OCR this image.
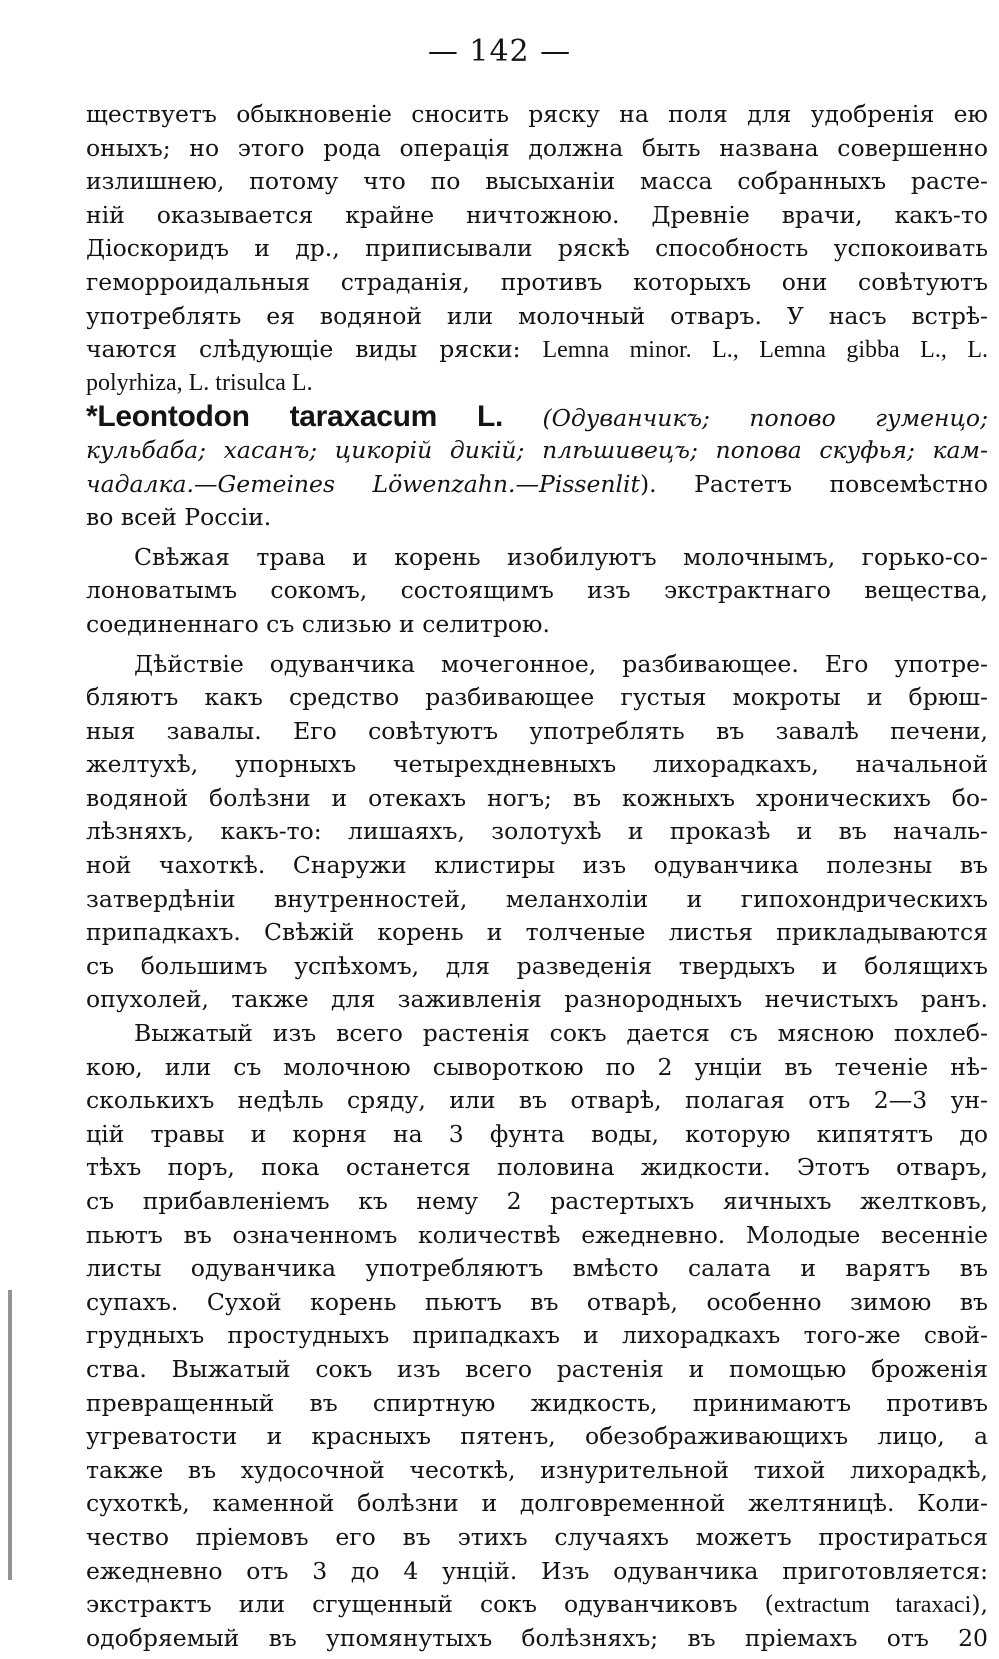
— 142 —
ществуетъ обыкновеніе сносить ряску на поля для удобренія ею
оныхъ; но этого рода операція должна быть названа совершенно
излишнею, потому что по высыханіи масса собранныхъ расте-
ній оказывается крайне ничтожною. Древніе врачи, какъ-то
Діоскоридъ и др., приписывали ряскѣ способность успокоивать
геморроидальныя страданія, противъ которыхъ они совѣтуютъ
употреблять ея водяной или молочный отваръ. У насъ встрѣ-
чаются слѣдующіе виды ряски: Lemna minor. L., Lemna gibba L., L.
polyrhiza, L. trisulca L.
*Leontodon taraxacum L. (Одуванчикъ; попово гуменцо;
кульбаба; хасанъ; цикорій дикій; плѣшивецъ; попова скуфья; кам-
чадалка.—Gemeines Löwenzahn.—Pissenlit). Растетъ повсемѣстно
во всей Россіи.
Свѣжая трава и корень изобилуютъ молочнымъ, горько-со-
лоноватымъ сокомъ, состоящимъ изъ экстрактнаго вещества,
соединеннаго съ слизью и селитрою.
Дѣйствіе одуванчика мочегонное, разбивающее. Его употре-
бляютъ какъ средство разбивающее густыя мокроты и брюш-
ныя завалы. Его совѣтуютъ употреблять въ завалѣ печени,
желтухѣ, упорныхъ четырехдневныхъ лихорадкахъ, начальной
водяной болѣзни и отекахъ ногъ; въ кожныхъ хроническихъ бо-
лѣзняхъ, какъ-то: лишаяхъ, золотухѣ и проказѣ и въ началь-
ной чахоткѣ. Снаружи клистиры изъ одуванчика полезны въ
затвердѣніи внутренностей, меланхоліи и гипохондрическихъ
припадкахъ. Свѣжій корень и толченые листья прикладываются
съ большимъ успѣхомъ, для разведенія твердыхъ и болящихъ
опухолей, также для заживленія разнородныхъ нечистыхъ ранъ.
Выжатый изъ всего растенія сокъ дается съ мясною похлеб-
кою, или съ молочною сывороткою по 2 унціи въ теченіе нѣ-
сколькихъ недѣль сряду, или въ отварѣ, полагая отъ 2—3 ун-
цій травы и корня на 3 фунта воды, которую кипятятъ до
тѣхъ поръ, пока останется половина жидкости. Этотъ отваръ,
съ прибавленіемъ къ нему 2 растертыхъ яичныхъ желтковъ,
пьютъ въ означенномъ количествѣ ежедневно. Молодые весенніе
листы одуванчика употребляютъ вмѣсто салата и варятъ въ
супахъ. Сухой корень пьютъ въ отварѣ, особенно зимою въ
грудныхъ простудныхъ припадкахъ и лихорадкахъ того-же свой-
ства. Выжатый сокъ изъ всего растенія и помощью броженія
превращенный въ спиртную жидкость, принимаютъ противъ
угреватости и красныхъ пятенъ, обезображивающихъ лицо, а
также въ худосочной чесоткѣ, изнурительной тихой лихорадкѣ,
сухоткѣ, каменной болѣзни и долговременной желтяницѣ. Коли-
чество пріемовъ его въ этихъ случаяхъ можетъ простираться
ежедневно отъ 3 до 4 унцій. Изъ одуванчика приготовляется:
экстрактъ или сгущенный сокъ одуванчиковъ (extractum taraxaci),
одобряемый въ упомянутыхъ болѣзняхъ; въ пріемахъ отъ 20
